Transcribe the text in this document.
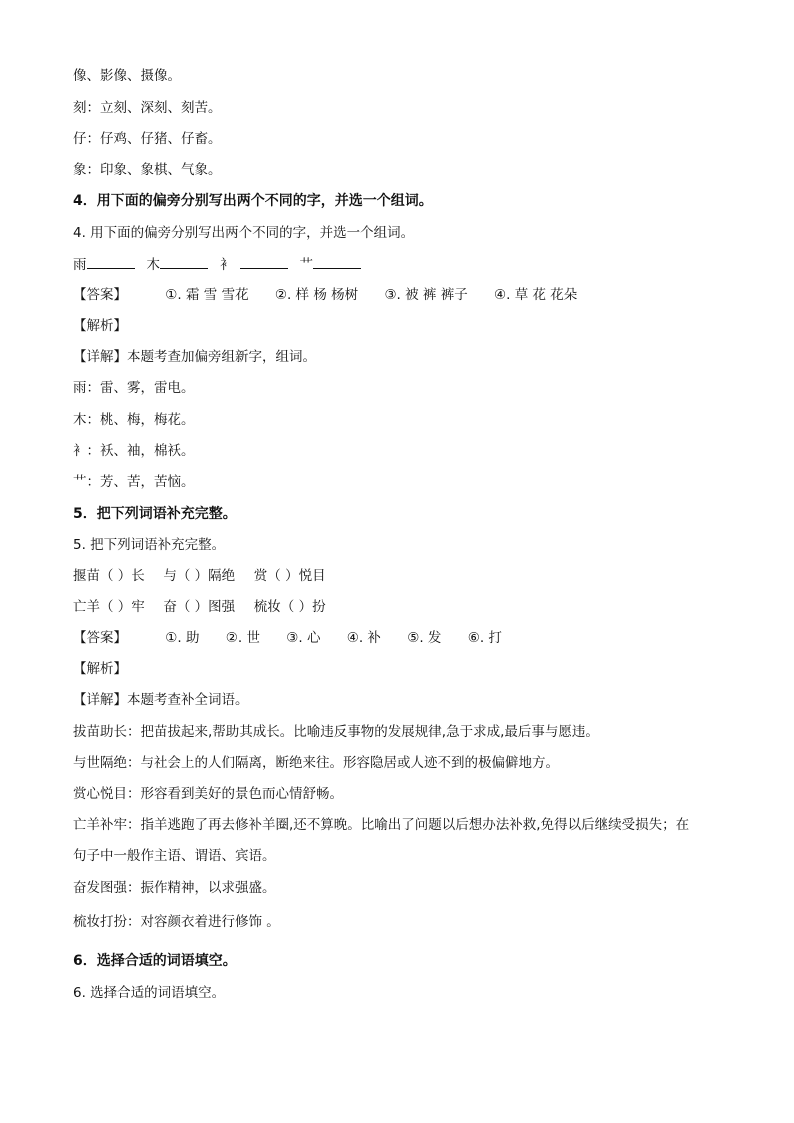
像、影像、摄像。
刻：立刻、深刻、刻苦。
仔：仔鸡、仔猪、仔畜。
象：印象、象棋、气象。
4．用下面的偏旁分别写出两个不同的字，并选一个组词。
4. 用下面的偏旁分别写出两个不同的字，并选一个组词。
雨	木	衤	艹
【答案】	①. 霜 雪 雪花 ②. 样 杨 杨树 ③. 被 裤 裤子 ④. 草 花 花朵
【解析】
【详解】本题考查加偏旁组新字，组词。
雨：雷、雾，雷电。
木：桃、梅，梅花。
衤：袄、袖，棉袄。
艹：芳、苦，苦恼。
5．把下列词语补充完整。
5. 把下列词语补充完整。
揠苗（ ）长 与（ ）隔绝 赏（ ）悦目
亡羊（ ）牢 奋（ ）图强 梳妆（ ）扮
【答案】	①. 助 ②. 世 ③. 心 ④. 补 ⑤. 发 ⑥. 打
【解析】
【详解】本题考查补全词语。
拔苗助长：把苗拔起来,帮助其成长。比喻违反事物的发展规律,急于求成,最后事与愿违。
与世隔绝：与社会上的人们隔离，断绝来往。形容隐居或人迹不到的极偏僻地方。
赏心悦目：形容看到美好的景色而心情舒畅。
亡羊补牢：指羊逃跑了再去修补羊圈,还不算晚。比喻出了问题以后想办法补救,免得以后继续受损失；在
句子中一般作主语、谓语、宾语。
奋发图强：振作精神，以求强盛。
梳妆打扮：对容颜衣着进行修饰 。
6．选择合适的词语填空。
6. 选择合适的词语填空。
